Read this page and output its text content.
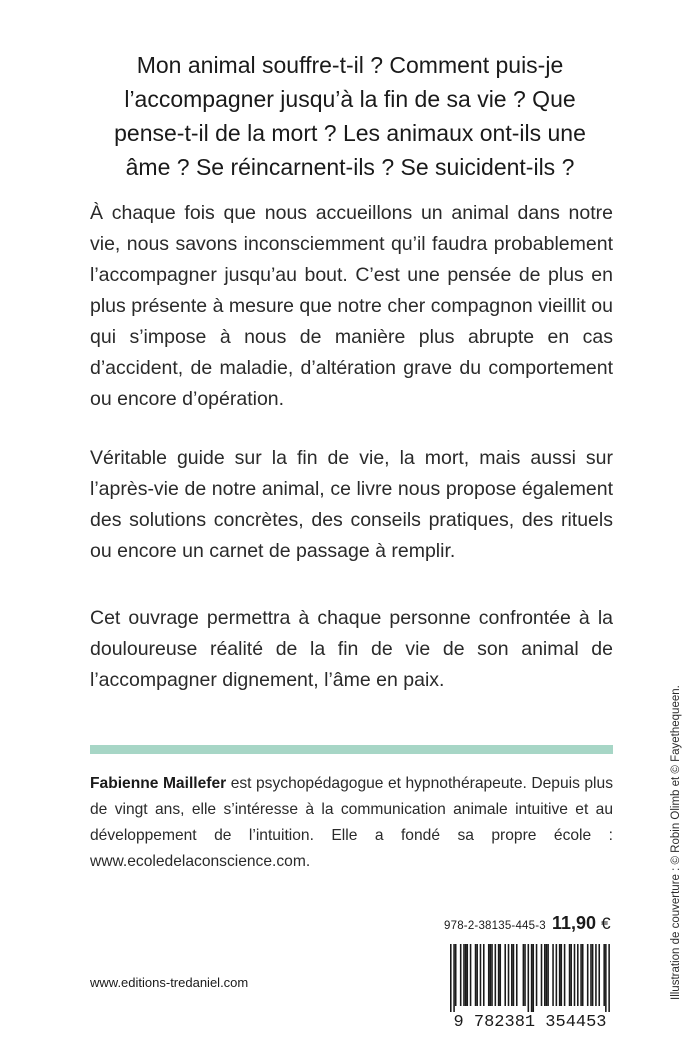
Mon animal souffre-t-il ? Comment puis-je l’accompagner jusqu’à la fin de sa vie ? Que pense-t-il de la mort ? Les animaux ont-ils une âme ? Se réincarnent-ils ? Se suicident-ils ?
À chaque fois que nous accueillons un animal dans notre vie, nous savons inconsciemment qu’il faudra probablement l’accompagner jusqu’au bout. C’est une pensée de plus en plus présente à mesure que notre cher compagnon vieillit ou qui s’impose à nous de manière plus abrupte en cas d’accident, de maladie, d’altération grave du comportement ou encore d’opération.
Véritable guide sur la fin de vie, la mort, mais aussi sur l’après-vie de notre animal, ce livre nous propose également des solutions concrètes, des conseils pratiques, des rituels ou encore un carnet de passage à remplir.
Cet ouvrage permettra à chaque personne confrontée à la douloureuse réalité de la fin de vie de son animal de l’accompagner dignement, l’âme en paix.
Fabienne Maillefer est psychopédagogue et hypnothérapeute. Depuis plus de vingt ans, elle s’intéresse à la communication animale intuitive et au développement de l’intuition. Elle a fondé sa propre école : www.ecoledelaconscience.com.
www.editions-tredaniel.com
978-2-38135-445-3 11,90 €
9 782381 354453
Illustration de couverture : © Robin Olimb et © Fayethequeen.
